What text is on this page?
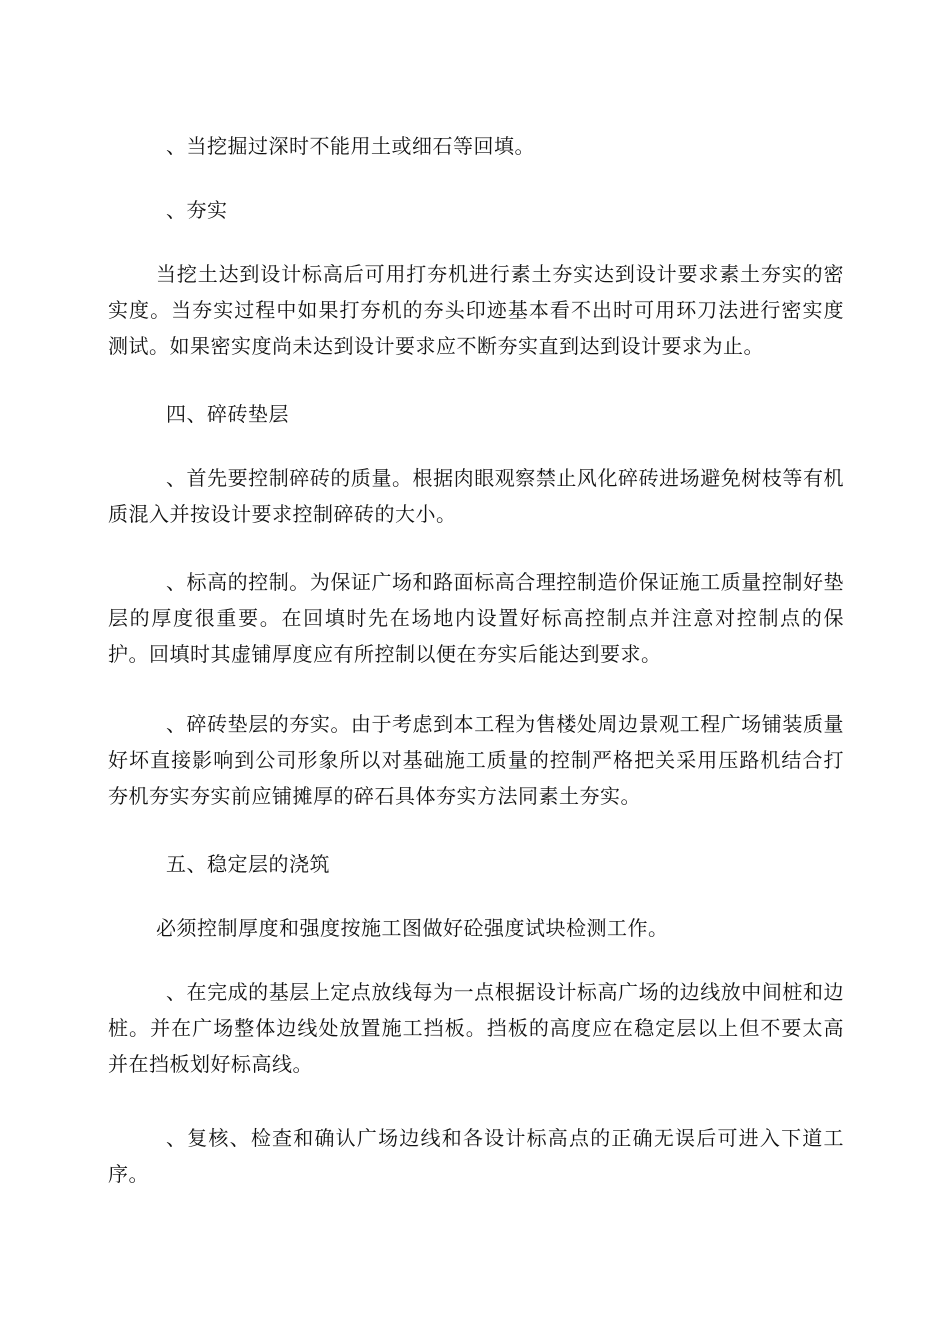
、当挖掘过深时不能用土或细石等回填。

、夯实

当挖土达到设计标高后可用打夯机进行素土夯实达到设计要求素土夯实的密实度。当夯实过程中如果打夯机的夯头印迹基本看不出时可用环刀法进行密实度测试。如果密实度尚未达到设计要求应不断夯实直到达到设计要求为止。

四、碎砖垫层

、首先要控制碎砖的质量。根据肉眼观察禁止风化碎砖进场避免树枝等有机质混入并按设计要求控制碎砖的大小。

、标高的控制。为保证广场和路面标高合理控制造价保证施工质量控制好垫层的厚度很重要。在回填时先在场地内设置好标高控制点并注意对控制点的保护。回填时其虚铺厚度应有所控制以便在夯实后能达到要求。

、碎砖垫层的夯实。由于考虑到本工程为售楼处周边景观工程广场铺装质量好坏直接影响到公司形象所以对基础施工质量的控制严格把关采用压路机结合打夯机夯实夯实前应铺摊厚的碎石具体夯实方法同素土夯实。

五、稳定层的浇筑

必须控制厚度和强度按施工图做好砼强度试块检测工作。

、在完成的基层上定点放线每为一点根据设计标高广场的边线放中间桩和边桩。并在广场整体边线处放置施工挡板。挡板的高度应在稳定层以上但不要太高并在挡板划好标高线。

、复核、检查和确认广场边线和各设计标高点的正确无误后可进入下道工序。
